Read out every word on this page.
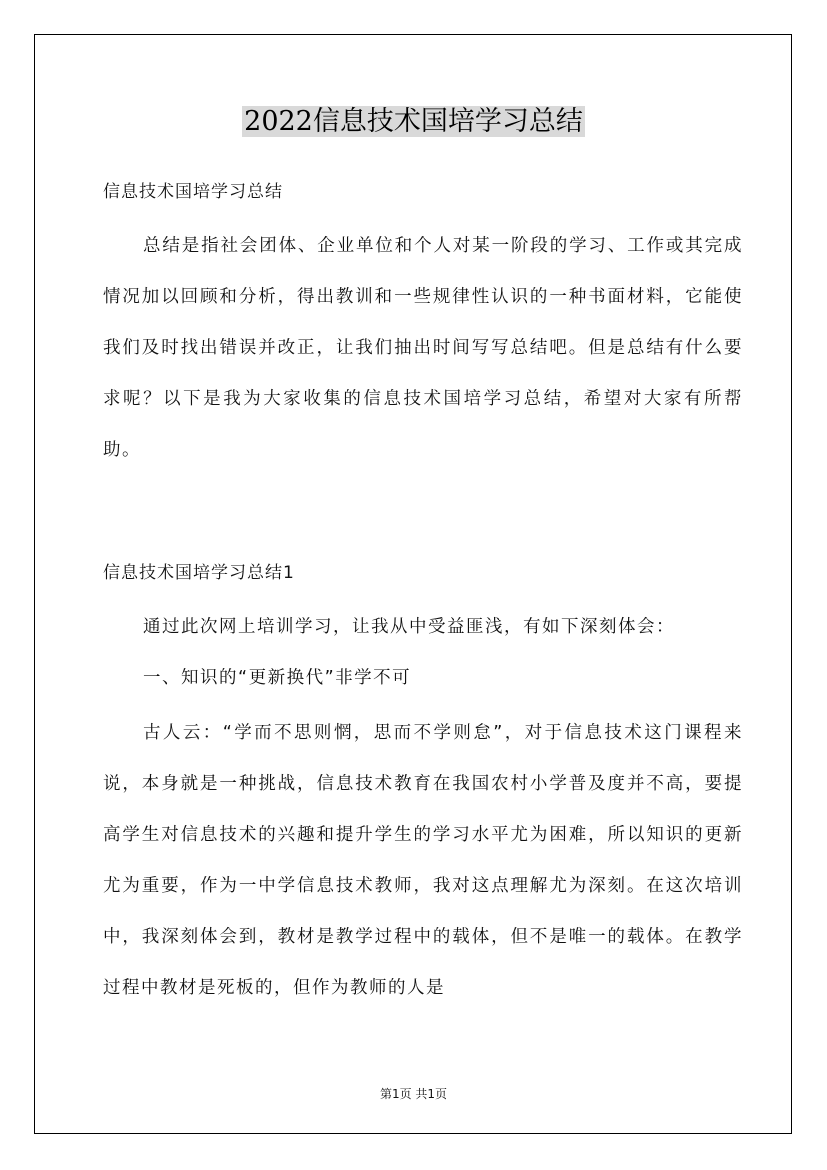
2022信息技术国培学习总结
信息技术国培学习总结
总结是指社会团体、企业单位和个人对某一阶段的学习、工作或其完成情况加以回顾和分析，得出教训和一些规律性认识的一种书面材料，它能使我们及时找出错误并改正，让我们抽出时间写写总结吧。但是总结有什么要求呢？以下是我为大家收集的信息技术国培学习总结，希望对大家有所帮助。
信息技术国培学习总结1
通过此次网上培训学习，让我从中受益匪浅，有如下深刻体会：
一、知识的“更新换代”非学不可
古人云：“学而不思则惘，思而不学则怠”，对于信息技术这门课程来说，本身就是一种挑战，信息技术教育在我国农村小学普及度并不高，要提高学生对信息技术的兴趣和提升学生的学习水平尤为困难，所以知识的更新尤为重要，作为一中学信息技术教师，我对这点理解尤为深刻。在这次培训中，我深刻体会到，教材是教学过程中的载体，但不是唯一的载体。在教学过程中教材是死板的，但作为教师的人是
第1页 共1页
